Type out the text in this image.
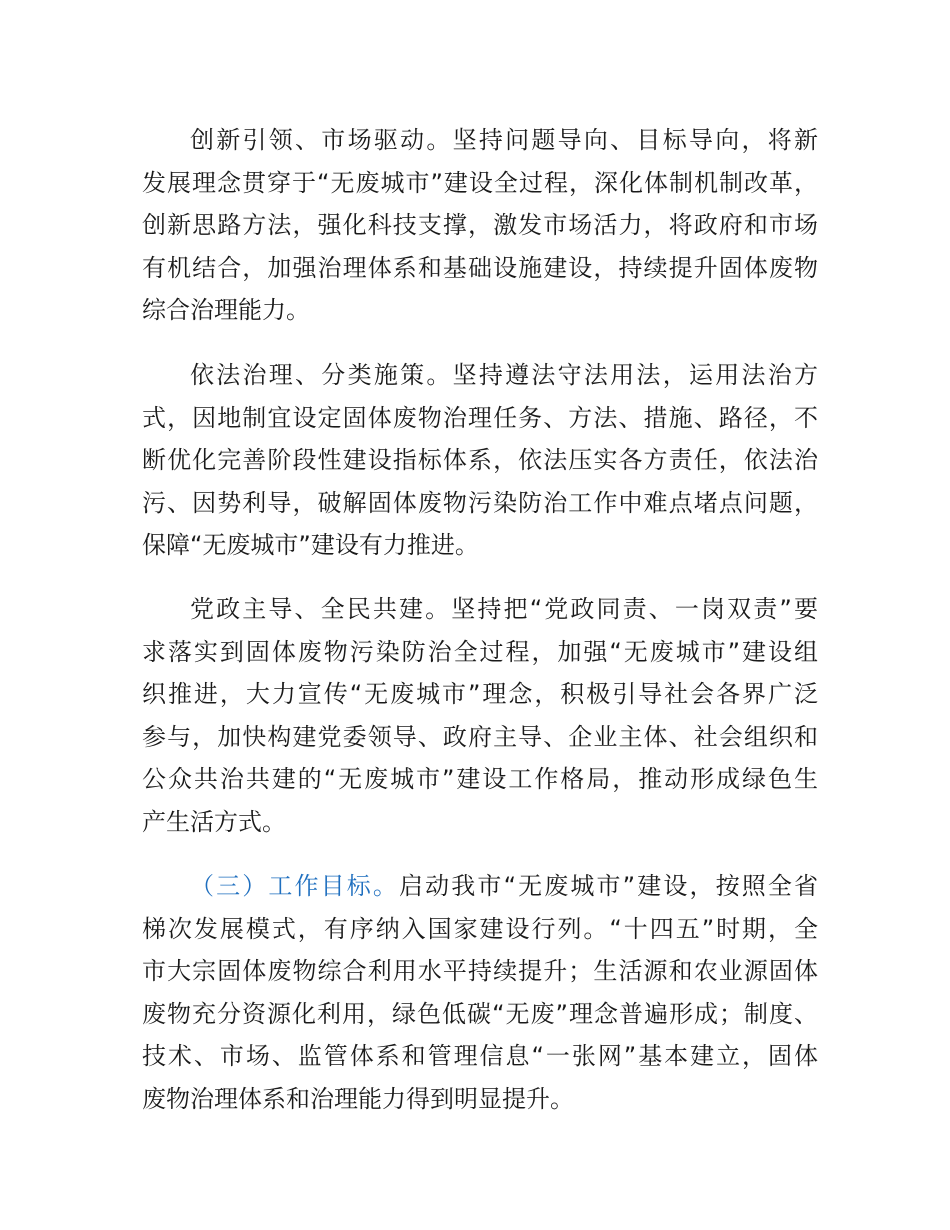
创新引领、市场驱动。坚持问题导向、目标导向，将新
发展理念贯穿于“无废城市”建设全过程，深化体制机制改革，
创新思路方法，强化科技支撑，激发市场活力，将政府和市场
有机结合，加强治理体系和基础设施建设，持续提升固体废物
综合治理能力。
依法治理、分类施策。坚持遵法守法用法，运用法治方
式，因地制宜设定固体废物治理任务、方法、措施、路径，不
断优化完善阶段性建设指标体系，依法压实各方责任，依法治
污、因势利导，破解固体废物污染防治工作中难点堵点问题，
保障“无废城市”建设有力推进。
党政主导、全民共建。坚持把“党政同责、一岗双责”要
求落实到固体废物污染防治全过程，加强“无废城市”建设组
织推进，大力宣传“无废城市”理念，积极引导社会各界广泛
参与，加快构建党委领导、政府主导、企业主体、社会组织和
公众共治共建的“无废城市”建设工作格局，推动形成绿色生
产生活方式。
（三）工作目标。启动我市“无废城市”建设，按照全省
梯次发展模式，有序纳入国家建设行列。“十四五”时期，全
市大宗固体废物综合利用水平持续提升；生活源和农业源固体
废物充分资源化利用，绿色低碳“无废”理念普遍形成；制度、
技术、市场、监管体系和管理信息“一张网”基本建立，固体
废物治理体系和治理能力得到明显提升。
